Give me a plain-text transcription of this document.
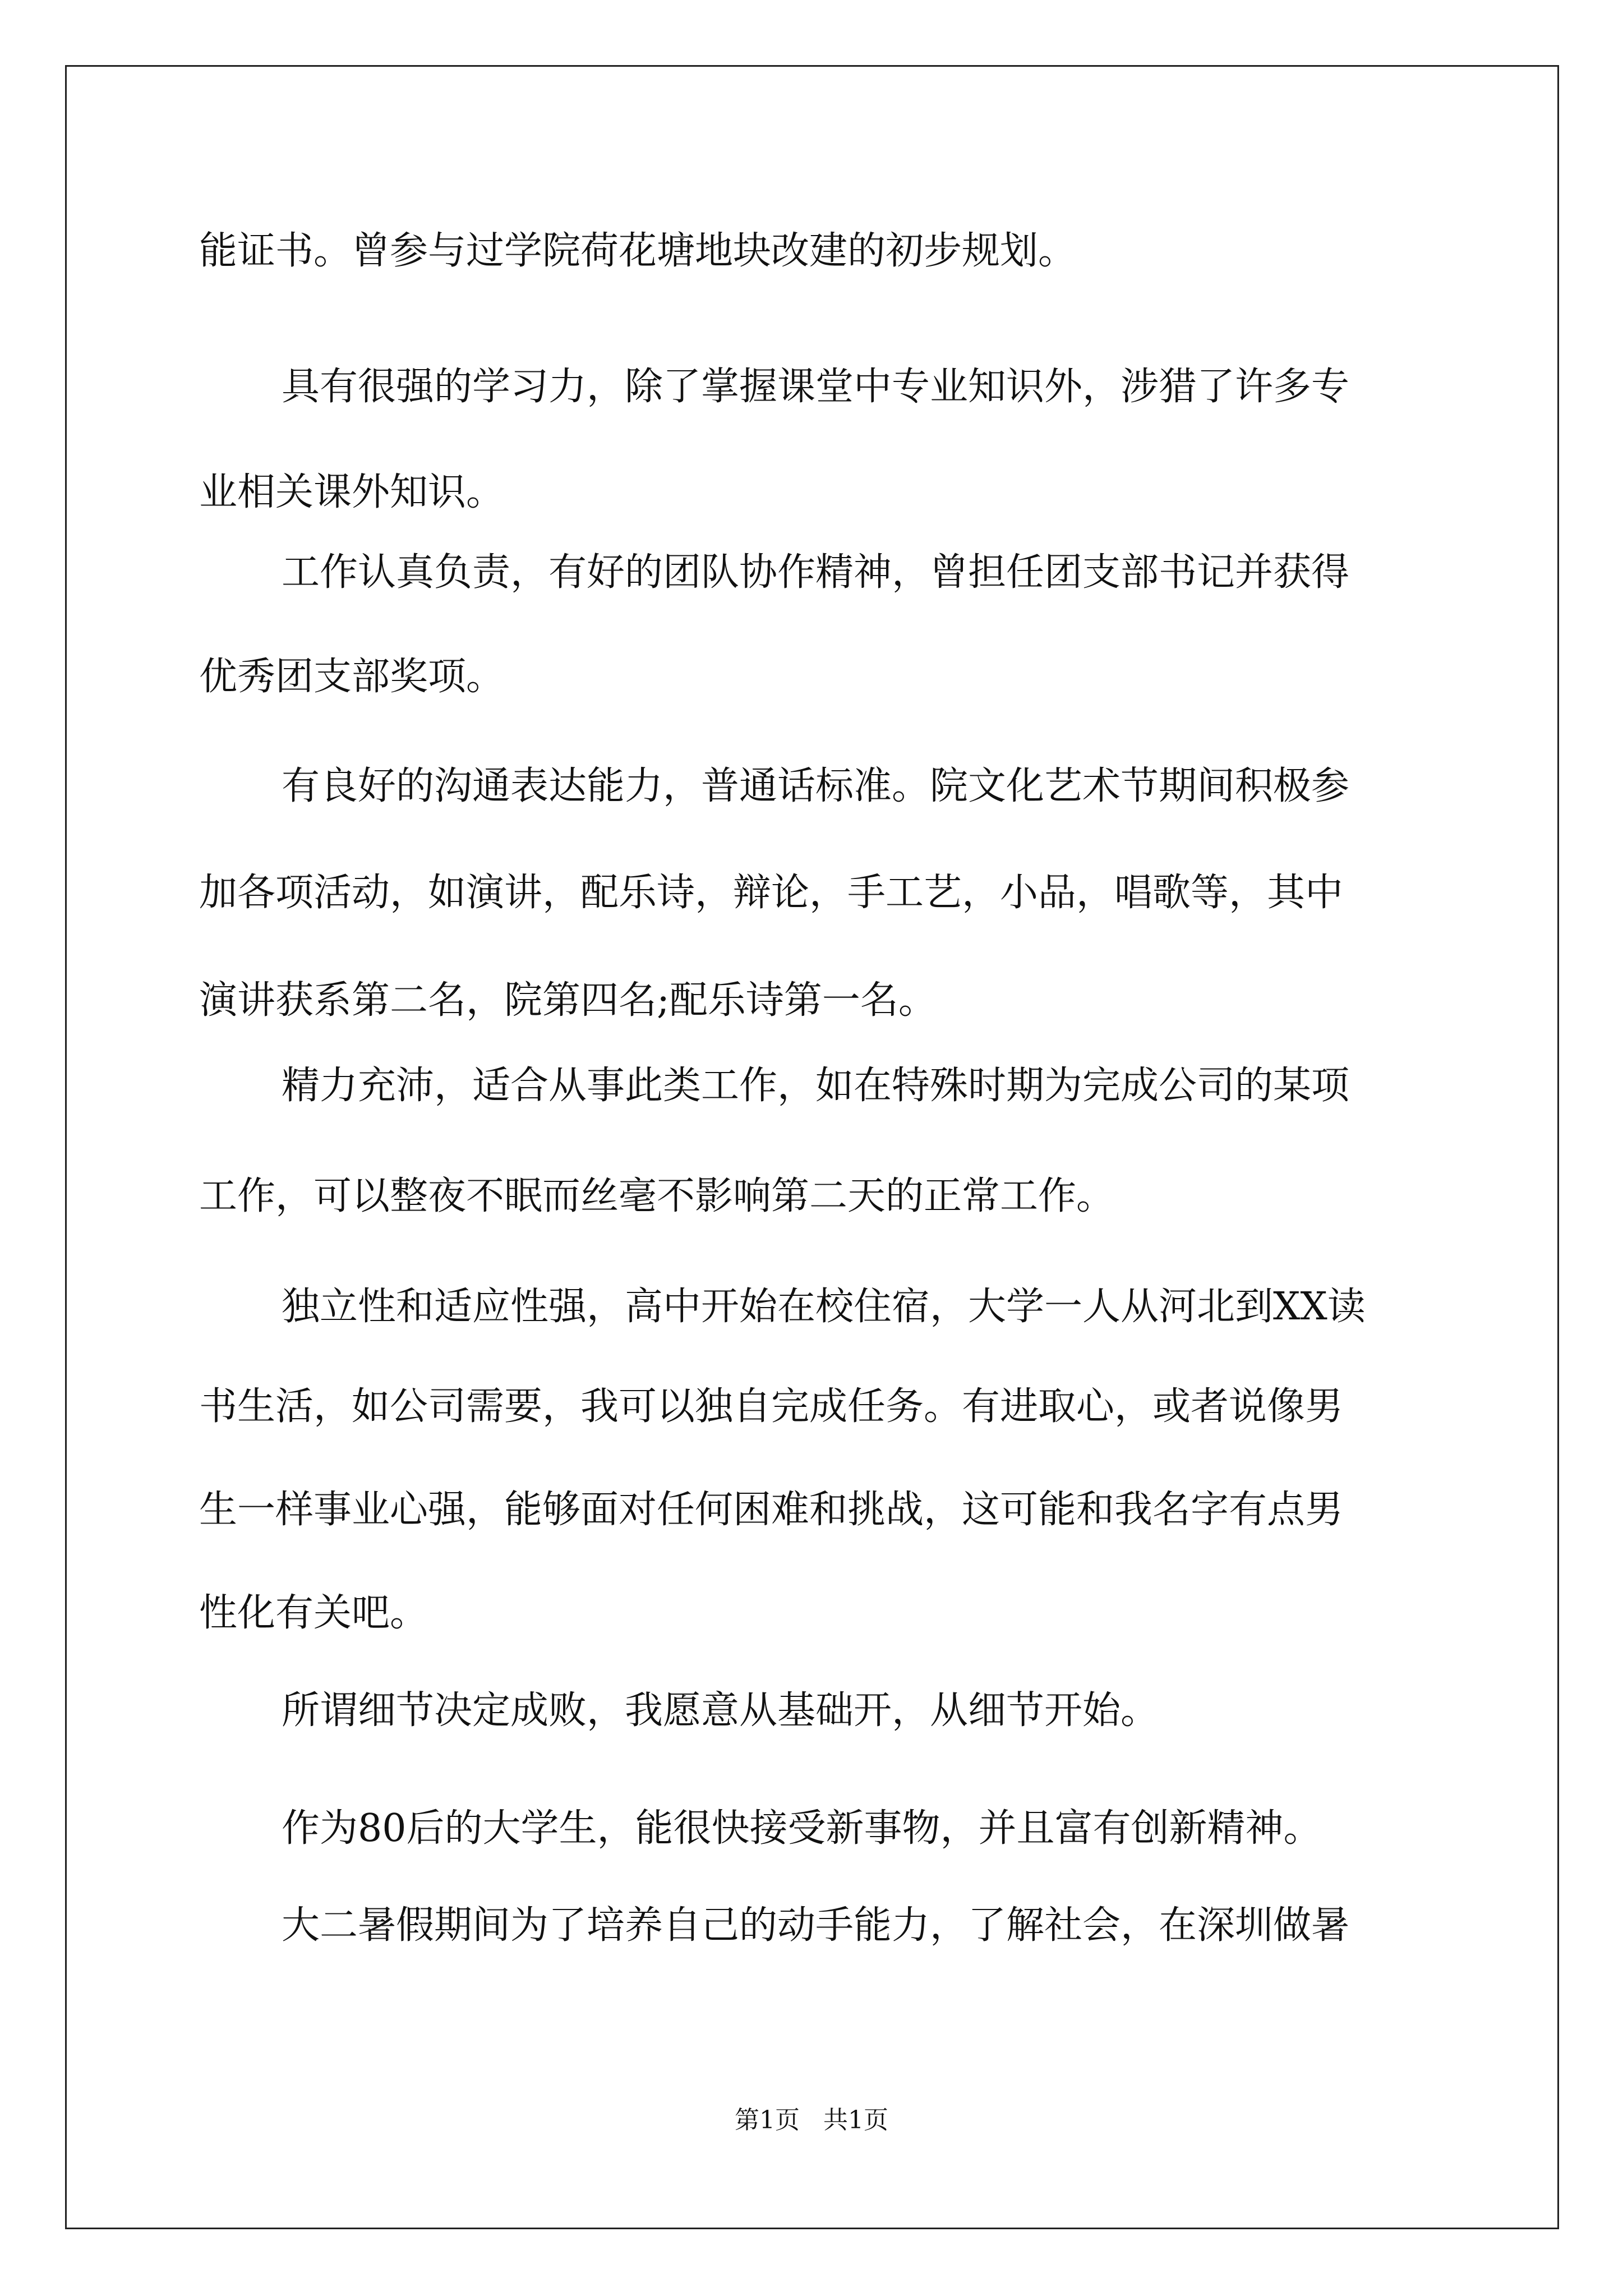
能证书。曾参与过学院荷花塘地块改建的初步规划。

具有很强的学习力，除了掌握课堂中专业知识外，涉猎了许多专

业相关课外知识。

工作认真负责，有好的团队协作精神，曾担任团支部书记并获得

优秀团支部奖项。

有良好的沟通表达能力，普通话标准。院文化艺术节期间积极参

加各项活动，如演讲，配乐诗，辩论，手工艺，小品，唱歌等，其中

演讲获系第二名，院第四名;配乐诗第一名。

精力充沛，适合从事此类工作，如在特殊时期为完成公司的某项

工作，可以整夜不眠而丝毫不影响第二天的正常工作。

独立性和适应性强，高中开始在校住宿，大学一人从河北到XX读

书生活，如公司需要，我可以独自完成任务。有进取心，或者说像男

生一样事业心强，能够面对任何困难和挑战，这可能和我名字有点男

性化有关吧。

所谓细节决定成败，我愿意从基础开，从细节开始。

作为80后的大学生，能很快接受新事物，并且富有创新精神。

大二暑假期间为了培养自己的动手能力，了解社会，在深圳做暑

第1页   共1页
